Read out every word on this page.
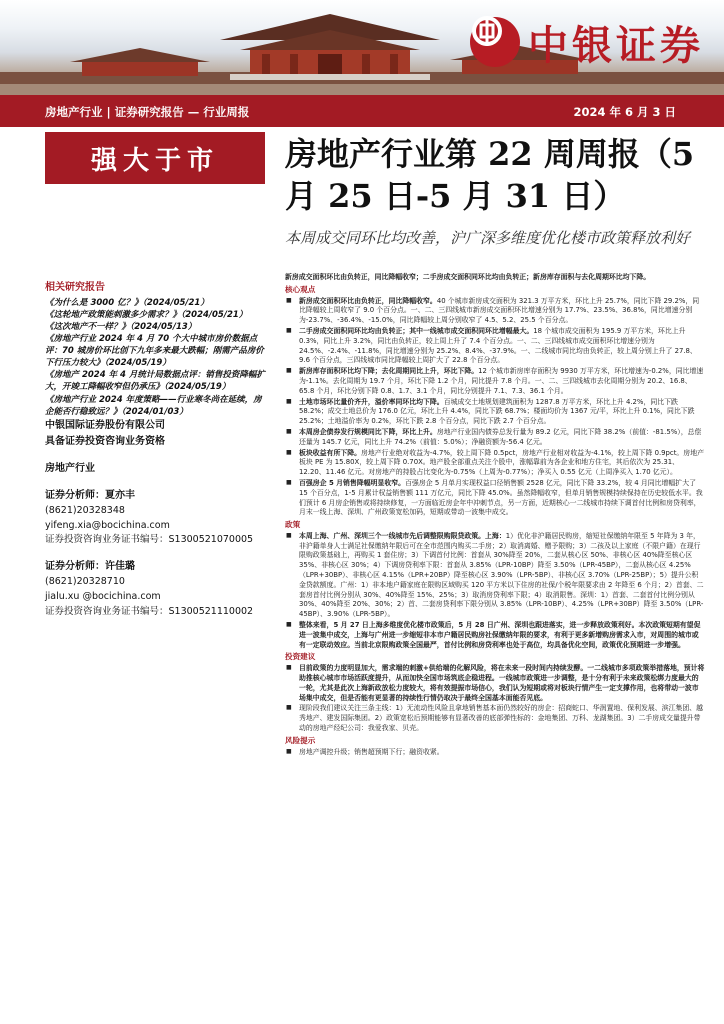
中银证券
房地产行业 | 证券研究报告 — 行业周报	2024 年 6 月 3 日
强大于市	房地产行业第 22 周周报（5 月 25 日-5 月 31 日）
本周成交同环比均改善，沪广深多维度优化楼市政策释放利好
相关研究报告
《为什么是 3000 亿？》（2024/05/21）
《这轮地产政策能刺激多少需求？》（2024/05/21）
《这次地产不一样？》（2024/05/13）
《房地产行业 2024 年 4 月 70 个大中城市房价数据点评：70 城房价环比创下九年多来最大跌幅；刚需产品房价下行压力较大》（2024/05/19）
《房地产 2024 年 4 月统计局数据点评：销售投资降幅扩大，开竣工降幅收窄但仍承压》（2024/05/19）
《房地产行业 2024 年度策略——行业寒冬尚在延续，房企能否行稳致远？》（2024/01/03）
中银国际证券股份有限公司
具备证券投资咨询业务资格
房地产行业
证券分析师：夏亦丰
(8621)20328348
yifeng.xia@bocichina.com
证券投资咨询业务证书编号：S1300521070005
证券分析师：许佳璐
(8621)20328710
jialu.xu @bocichina.com
证券投资咨询业务证书编号：S1300521110002
新房成交面积环比由负转正，同比降幅收窄；二手房成交面积同环比均由负转正；新房库存面积与去化周期环比均下降。
核心观点
■ 新房成交面积环比由负转正，同比降幅收窄。40 个城市新房成交面积为 321.3 万平方米，环比上升 25.7%，同比下降 29.2%，同比降幅较上周收窄了 9.0 个百分点。一、二、三四线城市新房成交面积环比增速分别为 17.7%、23.5%、36.8%，同比增速分别为-23.7%、-36.4%、-15.0%，同比降幅较上周分别收窄了 4.5、5.2、25.5 个百分点。
■ 二手房成交面积同环比均由负转正；其中一线城市成交面积同环比增幅最大。18 个城市成交面积为 195.9 万平方米，环比上升 0.3%，同比上升 3.2%，同比由负转正，较上周上升了 7.4 个百分点。一、二、三四线城市成交面积环比增速分别为 24.5%、-2.4%、-11.8%，同比增速分别为 25.2%、8.4%、-37.9%。一、二线城市同比均由负转正，较上周分别上升了 27.8、9.6 个百分点，三四线城市同比降幅较上周扩大了 22.8 个百分点。
■ 新房库存面积环比均下降；去化周期同比上升，环比下降。12 个城市新房库存面积为 9930 万平方米，环比增速为-0.2%，同比增速为-1.1%。去化周期为 19.7 个月，环比下降 1.2 个月，同比提升 7.8 个月。一、二、三四线城市去化周期分别为 20.2、16.8、65.8 个月，环比分别下降 0.8、1.7、3.1 个月，同比分别提升 7.1、7.3、36.1 个月。
■ 土地市场环比量价齐升，溢价率同环比均下降。百城成交土地规划建筑面积为 1287.8 万平方米，环比上升 4.2%，同比下跌 58.2%；成交土地总价为 176.0 亿元，环比上升 4.4%，同比下跌 68.7%；楼面均价为 1367 元/平，环比上升 0.1%，同比下跌 25.2%；土地溢价率为 0.2%，环比下跌 2.8 个百分点，同比下跌 2.7 个百分点。
■ 本周房企债券发行规模同比下降，环比上升。房地产行业国内债券总发行量为 89.2 亿元，同比下降 38.2%（前值：-81.5%），总偿还量为 145.7 亿元，同比上升 74.2%（前值：5.0%）；净融资额为-56.4 亿元。
■ 板块收益有所下降。房地产行业绝对收益为-4.7%，较上周下降 0.5pct，房地产行业相对收益为-4.1%，较上周下降 0.9pct。房地产板块 PE 为 15.80X，较上周下降 0.70X。地产股全部重点关注个股中，涨幅靠前为各企业和地方住宅，其后依次为 25.31、12.20、11.46 亿元。对房地产的持股占比变化为-0.75%（上周为-0.77%）；净买入 0.55 亿元（上周净买入 1.70 亿元）。
■ 百强房企 5 月销售降幅明显收窄。百强房企 5 月单月实现权益口径销售额 2528 亿元，同比下降 33.2%，较 4 月同比增幅扩大了 15 个百分点，1-5 月累计权益销售额 111 万亿元，同比下降 45.0%。虽然降幅收窄，但单月销售规模持续保持在历史较低水平。我们预计 6 月房企销售或将持续修复，一方面临近房企年中冲刺节点，另一方面，近期核心一二线城市持续下调首付比例和房贷利率，月末一线上海、深圳、广州政策宽松加码，短期或带动一波集中成交。
政策
■ 本周上海、广州、深圳三个一线城市先后调整限购限贷政策。上海：1）优化非沪籍居民购房，缩短社保缴纳年限至 5 年降为 3 年，非沪籍单身人士满足社保缴纳年限后可在全市范围内购买二手房；2）取消离婚、赠予限购；3）二孩及以上家庭（不限户籍）在现行限购政策基础上，再购买 1 套住房；3）下调首付比例：首套从 30%降至 20%，二套从核心区 50%、非核心区 40%降至核心区 35%、非核心区 30%；4）下调房贷利率下限：首套从 3.85%（LPR-10BP）降至 3.50%（LPR-45BP），二套从核心区 4.25%（LPR+30BP）、非核心区 4.15%（LPR+20BP）降至核心区 3.90%（LPR-5BP）、非核心区 3.70%（LPR-25BP）；5）提升公积金贷款额度。广州：1）非本地户籍家庭在限购区域购买 120 平方米以下住房的社保/个税年限要求由 2 年降至 6 个月；2）首套、二套房首付比例分别从 30%、40%降至 15%、25%；3）取消房贷利率下限；4）取消限售。深圳：1）首套、二套首付比例分别从 30%、40%降至 20%、30%；2）首、二套房贷利率下限分别从 3.85%（LPR-10BP）、4.25%（LPR+30BP）降至 3.50%（LPR-45BP）、3.90%（LPR-5BP）。
■ 整体来看，5 月 27 日上海多维度优化楼市政策后，5 月 28 日广州、深圳也跟进落实，进一步释放政策利好。本次政策短期有望促进一波集中成交，上海与广州进一步缩短非本市户籍居民购房社保缴纳年限的要求，有利于更多新增购房需求入市，对周围的城市或有一定联动效应。当前北京限购政策全国最严，首付比例和房贷利率也处于高位，均具备优化空间，政策优化预期进一步增强。
投资建议
■ 目前政策的力度明显加大，需求端的刺激+供给端的化解风险，将在未来一段时间内持续发酵。一二线城市多项政策举措落地，预计将助推核心城市市场活跃度提升，从而加快全国市场筑底企稳进程。一线城市政策进一步调整，是十分有利于未来政策松绑力度最大的一轮，尤其是此次上海新政放松力度较大，将有效提振市场信心，我们认为短期或将对板块行情产生一定支撑作用，也将带动一波市场集中成交，但是否能有更显著的持续性行情仍取决于最终全国基本面能否见底。
■ 现阶段我们建议关注三条主线：1）无流动性风险且拿地销售基本面仍然较好的房企：招商蛇口、华润置地、保利发展、滨江集团、越秀地产、建发国际集团。2）政策宽松后预期能够有显著改善的底部弹性标的：金地集团、万科、龙湖集团。3）二手房成交量提升带动的房地产经纪公司：我爱我家、贝壳。
风险提示
■ 房地产调控升级；销售超预期下行；融资收紧。
